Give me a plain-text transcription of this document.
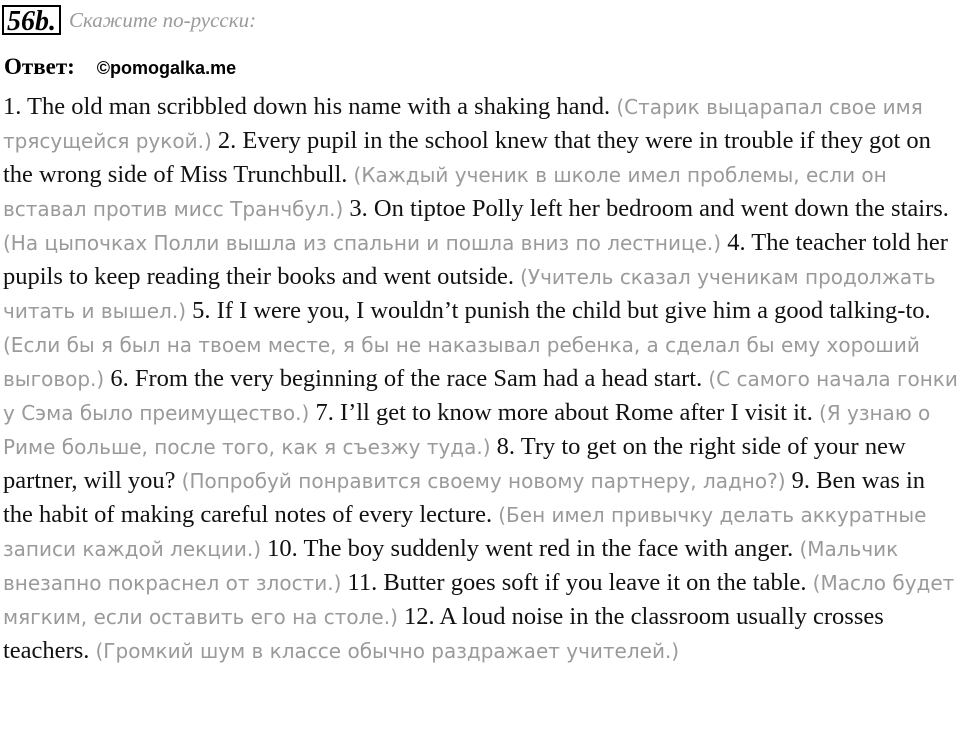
56b. Скажите по-русски:
Ответ: ©pomogalka.me
1. The old man scribbled down his name with a shaking hand. (Старик выцарапал свое имя трясущейся рукой.) 2. Every pupil in the school knew that they were in trouble if they got on the wrong side of Miss Trunchbull. (Каждый ученик в школе имел проблемы, если он вставал против мисс Транчбул.) 3. On tiptoe Polly left her bedroom and went down the stairs. (На цыпочках Полли вышла из спальни и пошла вниз по лестнице.) 4. The teacher told her pupils to keep reading their books and went outside. (Учитель сказал ученикам продолжать читать и вышел.) 5. If I were you, I wouldn’t punish the child but give him a good talking-to. (Если бы я был на твоем месте, я бы не наказывал ребенка, а сделал бы ему хороший выговор.) 6. From the very beginning of the race Sam had a head start. (С самого начала гонки у Сэма было преимущество.) 7. I’ll get to know more about Rome after I visit it. (Я узнаю о Риме больше, после того, как я съезжу туда.) 8. Try to get on the right side of your new partner, will you? (Попробуй понравится своему новому партнеру, ладно?) 9. Ben was in the habit of making careful notes of every lecture. (Бен имел привычку делать аккуратные записи каждой лекции.) 10. The boy suddenly went red in the face with anger. (Мальчик внезапно покраснел от злости.) 11. Butter goes soft if you leave it on the table. (Масло будет мягким, если оставить его на столе.) 12. A loud noise in the classroom usually crosses teachers. (Громкий шум в классе обычно раздражает учителей.)
